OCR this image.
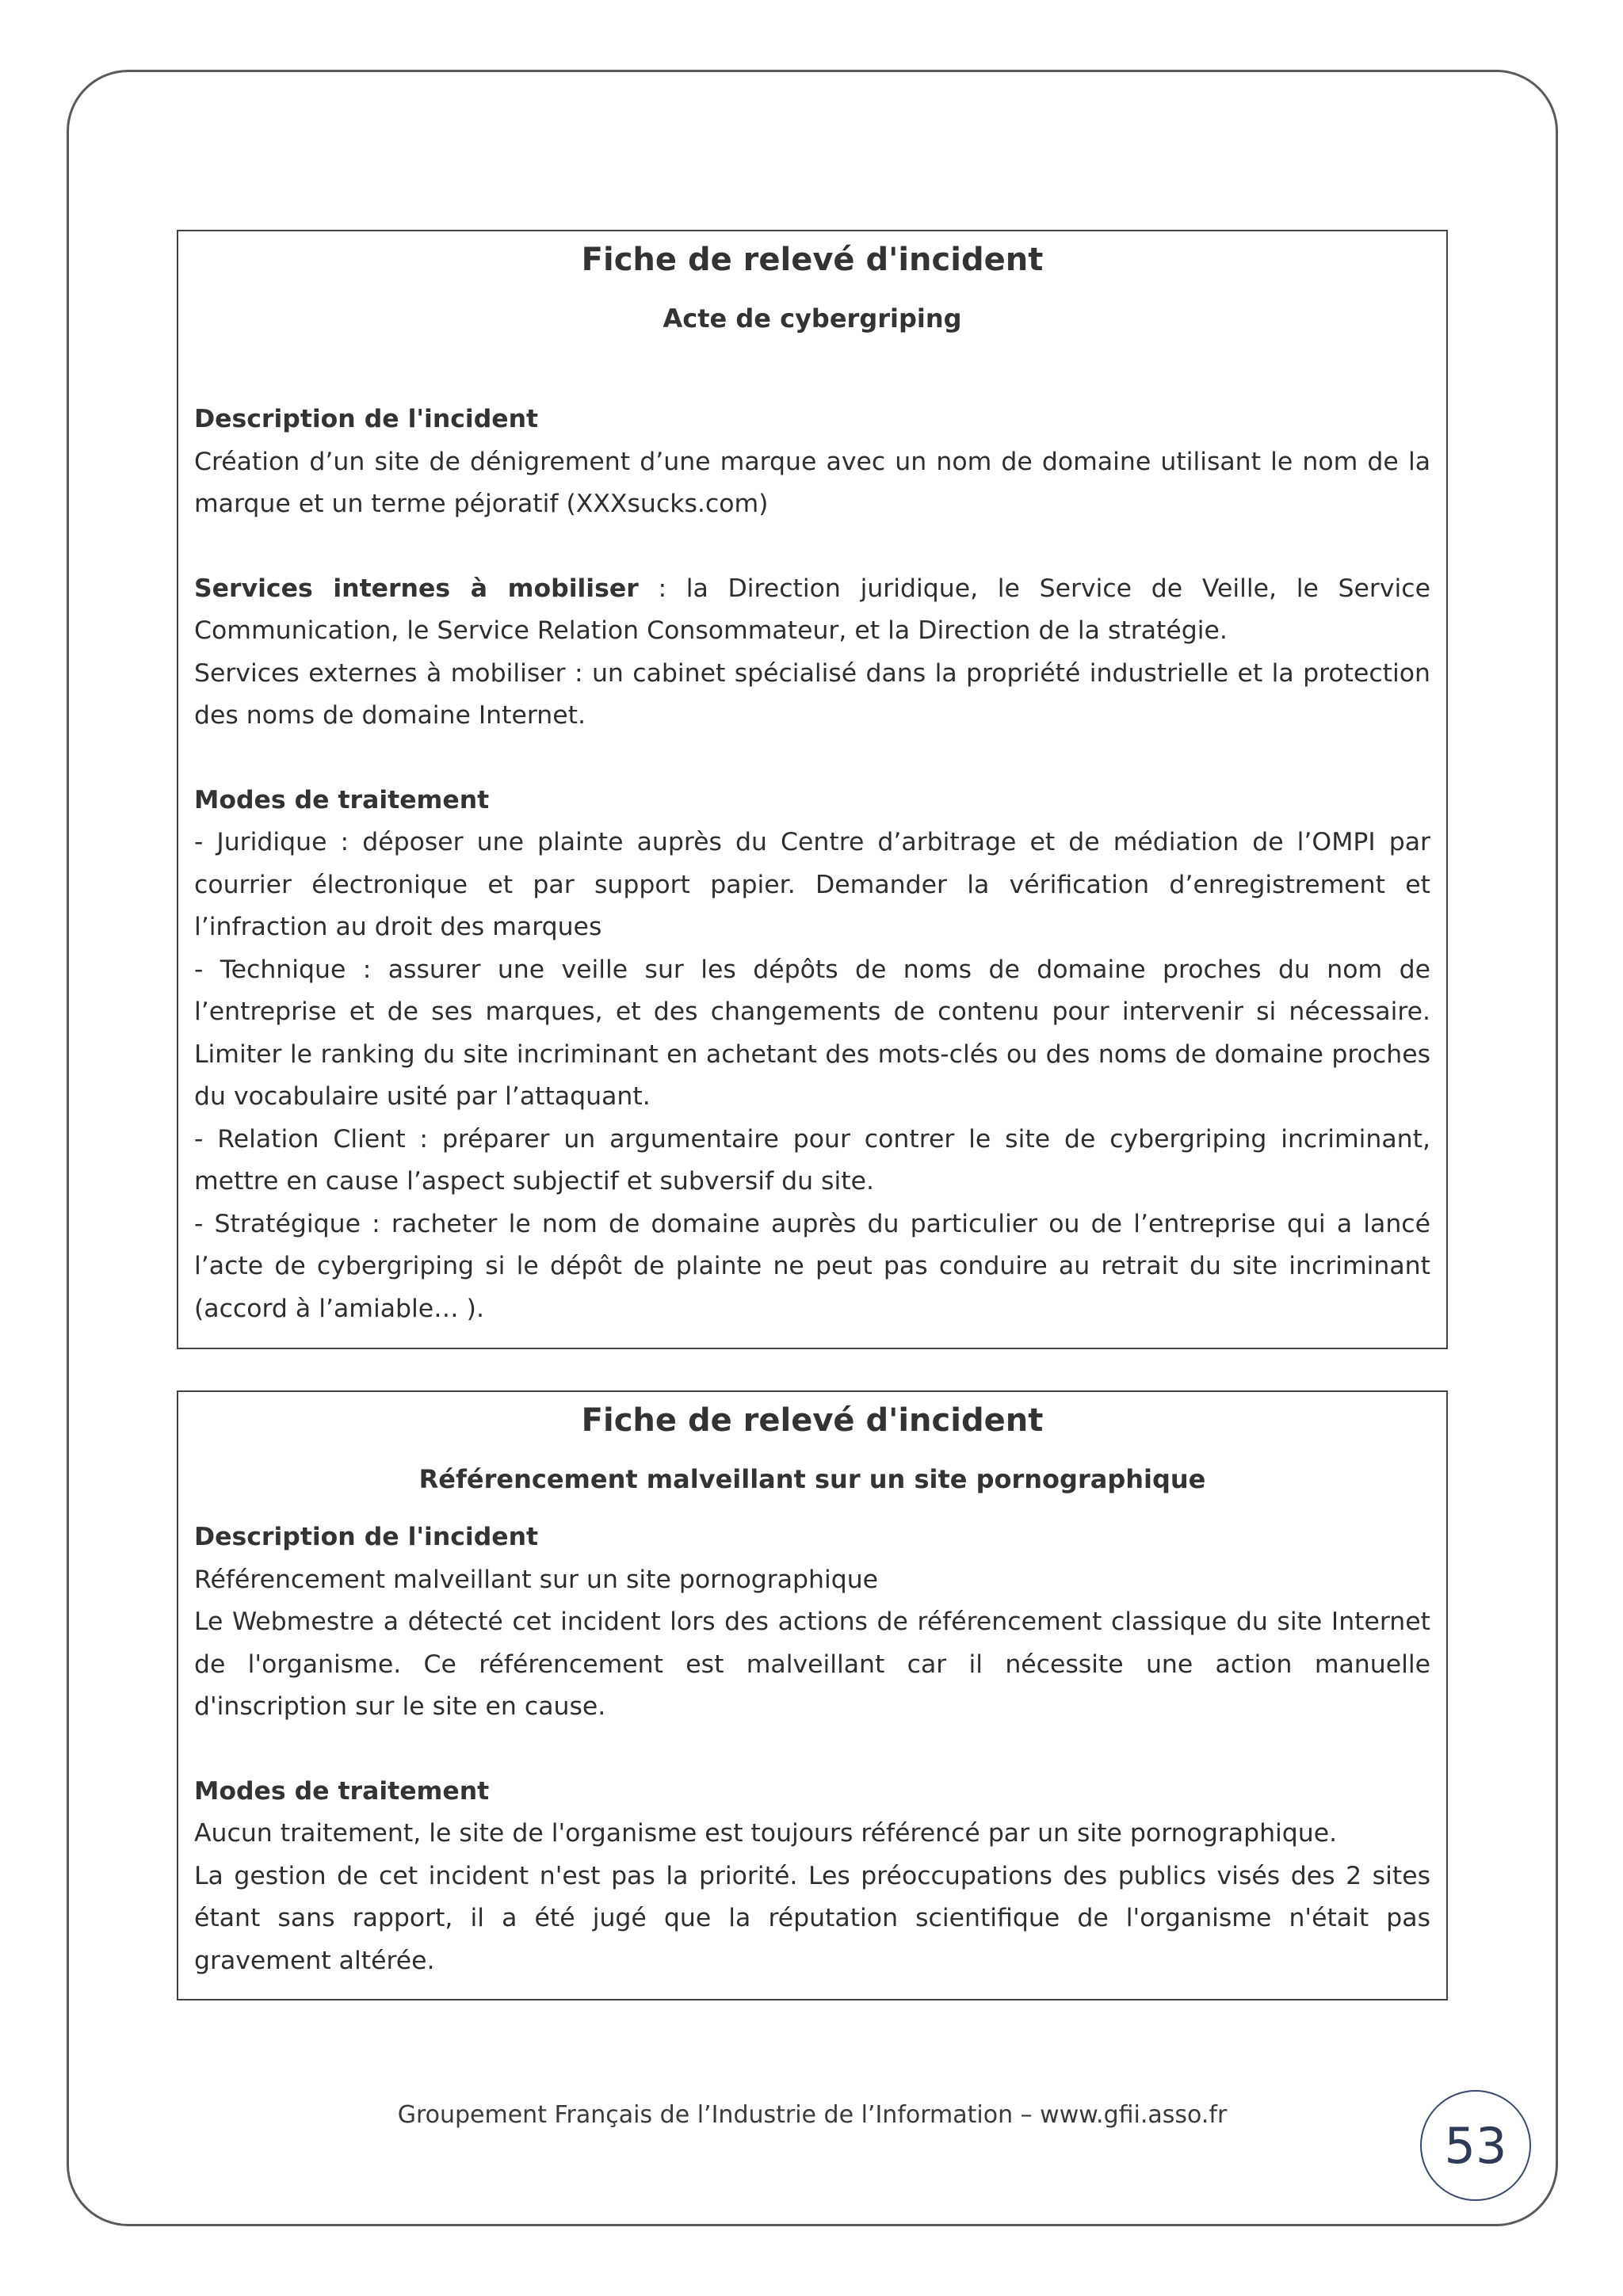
Fiche de relevé d'incident
Acte de cybergriping

Description de l'incident

Création d’un site de dénigrement d’une marque avec un nom de domaine utilisant le nom de la marque et un terme péjoratif (XXXsucks.com)

Services internes à mobiliser : la Direction juridique, le Service de Veille, le Service Communication, le Service Relation Consommateur, et la Direction de la stratégie.

Services externes à mobiliser : un cabinet spécialisé dans la propriété industrielle et la protection des noms de domaine Internet.

Modes de traitement

- Juridique : déposer une plainte auprès du Centre d’arbitrage et de médiation de l’OMPI par courrier électronique et par support papier. Demander la vérification d’enregistrement et l’infraction au droit des marques

- Technique : assurer une veille sur les dépôts de noms de domaine proches du nom de l’entreprise et de ses marques, et des changements de contenu pour intervenir si nécessaire. Limiter le ranking du site incriminant en achetant des mots-clés ou des noms de domaine proches du vocabulaire usité par l’attaquant.

- Relation Client : préparer un argumentaire pour contrer le site de cybergriping incriminant, mettre en cause l’aspect subjectif et subversif du site.

- Stratégique : racheter le nom de domaine auprès du particulier ou de l’entreprise qui a lancé l’acte de cybergriping si le dépôt de plainte ne peut pas conduire au retrait du site incriminant (accord à l’amiable… ).

Fiche de relevé d'incident
Référencement malveillant sur un site pornographique

Description de l'incident

Référencement malveillant sur un site pornographique

Le Webmestre a détecté cet incident lors des actions de référencement classique du site Internet de l'organisme. Ce référencement est malveillant car il nécessite une action manuelle d'inscription sur le site en cause.

Modes de traitement

Aucun traitement, le site de l'organisme est toujours référencé par un site pornographique.

La gestion de cet incident n'est pas la priorité. Les préoccupations des publics visés des 2 sites étant sans rapport, il a été jugé que la réputation scientifique de l'organisme n'était pas gravement altérée.

Groupement Français de l’Industrie de l’Information – www.gfii.asso.fr
53
